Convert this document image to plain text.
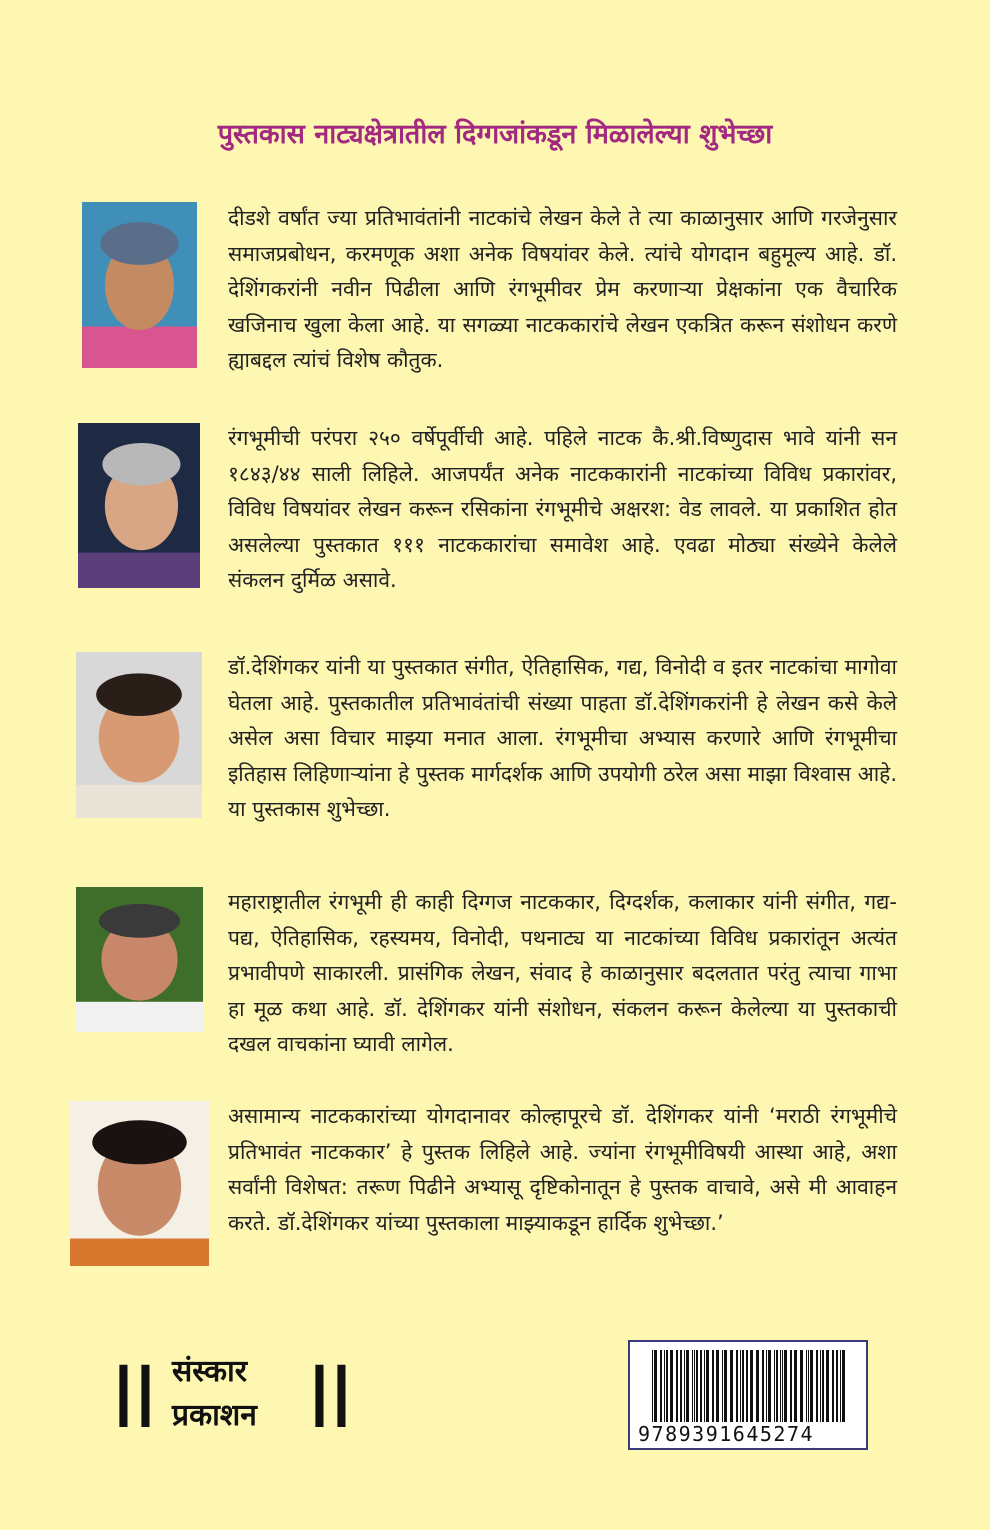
पुस्तकास नाट्यक्षेत्रातील दिग्गजांकडून मिळालेल्या शुभेच्छा
दीडशे वर्षांत ज्या प्रतिभावंतांनी नाटकांचे लेखन केले ते त्या काळानुसार आणि गरजेनुसार समाजप्रबोधन, करमणूक अशा अनेक विषयांवर केले. त्यांचे योगदान बहुमूल्य आहे. डॉ. देशिंगकरांनी नवीन पिढीला आणि रंगभूमीवर प्रेम करणाऱ्या प्रेक्षकांना एक वैचारिक खजिनाच खुला केला आहे. या सगळ्या नाटककारांचे लेखन एकत्रित करून संशोधन करणे ह्याबद्दल त्यांचं विशेष कौतुक.
रंगभूमीची परंपरा २५० वर्षेपूर्वीची आहे. पहिले नाटक कै.श्री.विष्णुदास भावे यांनी सन १८४३/४४ साली लिहिले. आजपर्यंत अनेक नाटककारांनी नाटकांच्या विविध प्रकारांवर, विविध विषयांवर लेखन करून रसिकांना रंगभूमीचे अक्षरश: वेड लावले. या प्रकाशित होत असलेल्या पुस्तकात १११ नाटककारांचा समावेश आहे. एवढा मोठ्या संख्येने केलेले संकलन दुर्मिळ असावे.
डॉ.देशिंगकर यांनी या पुस्तकात संगीत, ऐतिहासिक, गद्य, विनोदी व इतर नाटकांचा मागोवा घेतला आहे. पुस्तकातील प्रतिभावंतांची संख्या पाहता डॉ.देशिंगकरांनी हे लेखन कसे केले असेल असा विचार माझ्या मनात आला. रंगभूमीचा अभ्यास करणारे आणि रंगभूमीचा इतिहास लिहिणाऱ्यांना हे पुस्तक मार्गदर्शक आणि उपयोगी ठरेल असा माझा विश्वास आहे. या पुस्तकास शुभेच्छा.
महाराष्ट्रातील रंगभूमी ही काही दिग्गज नाटककार, दिग्दर्शक, कलाकार यांनी संगीत, गद्य-पद्य, ऐतिहासिक, रहस्यमय, विनोदी, पथनाट्य या नाटकांच्या विविध प्रकारांतून अत्यंत प्रभावीपणे साकारली. प्रासंगिक लेखन, संवाद हे काळानुसार बदलतात परंतु त्याचा गाभा हा मूळ कथा आहे. डॉ. देशिंगकर यांनी संशोधन, संकलन करून केलेल्या या पुस्तकाची दखल वाचकांना घ्यावी लागेल.
असामान्य नाटककारांच्या योगदानावर कोल्हापूरचे डॉ. देशिंगकर यांनी ‘मराठी रंगभूमीचे प्रतिभावंत नाटककार’ हे पुस्तक लिहिले आहे. ज्यांना रंगभूमीविषयी आस्था आहे, अशा सर्वांनी विशेषत: तरूण पिढीने अभ्यासू दृष्टिकोनातून हे पुस्तक वाचावे, असे मी आवाहन करते. डॉ.देशिंगकर यांच्या पुस्तकाला माझ्याकडून हार्दिक शुभेच्छा.’
॥ संस्कार
प्रकाशन ॥	9789391645274
